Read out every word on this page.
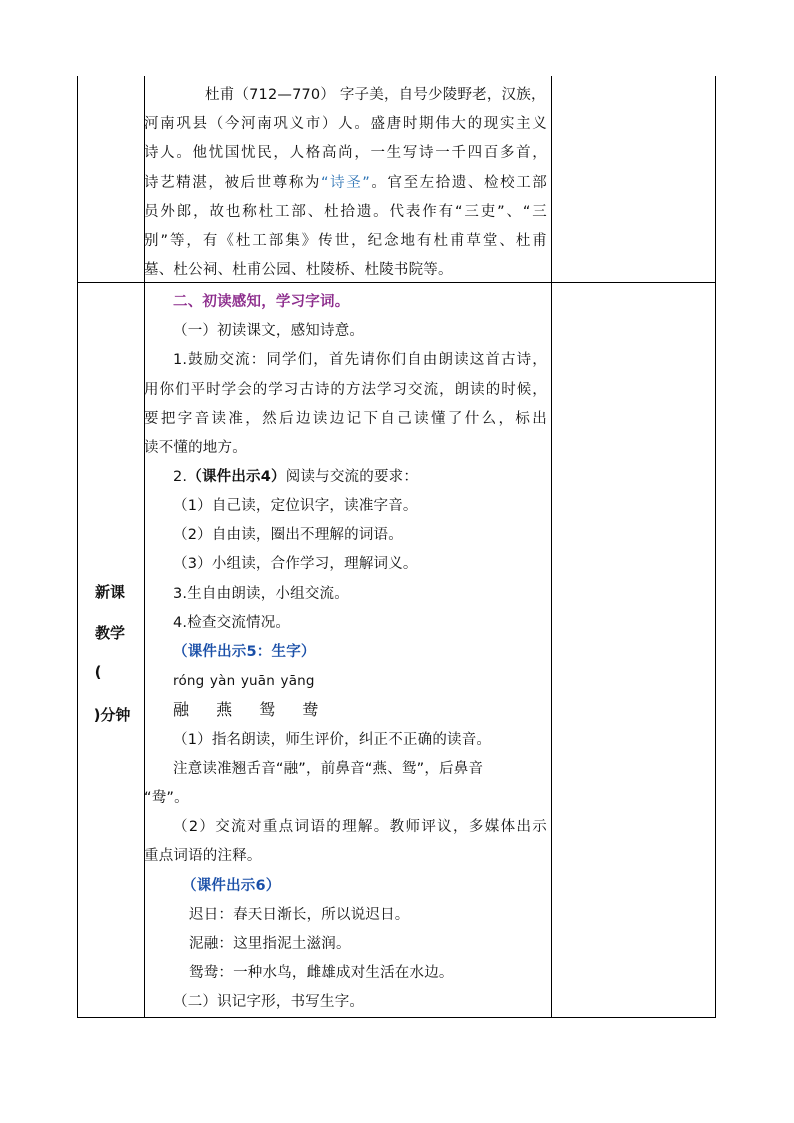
杜甫（712—770） 字子美，自号少陵野老，汉族，
河南巩县（今河南巩义市）人。盛唐时期伟大的现实主义
诗人。他忧国忧民，人格高尚，一生写诗一千四百多首，
诗艺精湛，被后世尊称为“诗圣”。官至左拾遗、检校工部
员外郎，故也称杜工部、杜拾遗。代表作有“三吏”、“三
别”等，有《杜工部集》传世，纪念地有杜甫草堂、杜甫
墓、杜公祠、杜甫公园、杜陵桥、杜陵书院等。
新课
教学
(
)分钟
二、初读感知，学习字词。
（一）初读课文，感知诗意。
1.鼓励交流：同学们，首先请你们自由朗读这首古诗，
用你们平时学会的学习古诗的方法学习交流，朗读的时候，
要把字音读准，然后边读边记下自己读懂了什么，标出
读不懂的地方。
2.（课件出示4）阅读与交流的要求：
（1）自己读，定位识字，读准字音。
（2）自由读，圈出不理解的词语。
（3）小组读，合作学习，理解词义。
3.生自由朗读，小组交流。
4.检查交流情况。
（课件出示5：生字）
róng yàn yuān yāng
融 燕 鸳 鸯
（1）指名朗读，师生评价，纠正不正确的读音。
注意读准翘舌音“融”，前鼻音“燕、鸳”，后鼻音
“鸯”。
（2）交流对重点词语的理解。教师评议，多媒体出示
重点词语的注释。
（课件出示6）
迟日：春天日渐长，所以说迟日。
泥融：这里指泥土滋润。
鸳鸯：一种水鸟，雌雄成对生活在水边。
（二）识记字形，书写生字。
